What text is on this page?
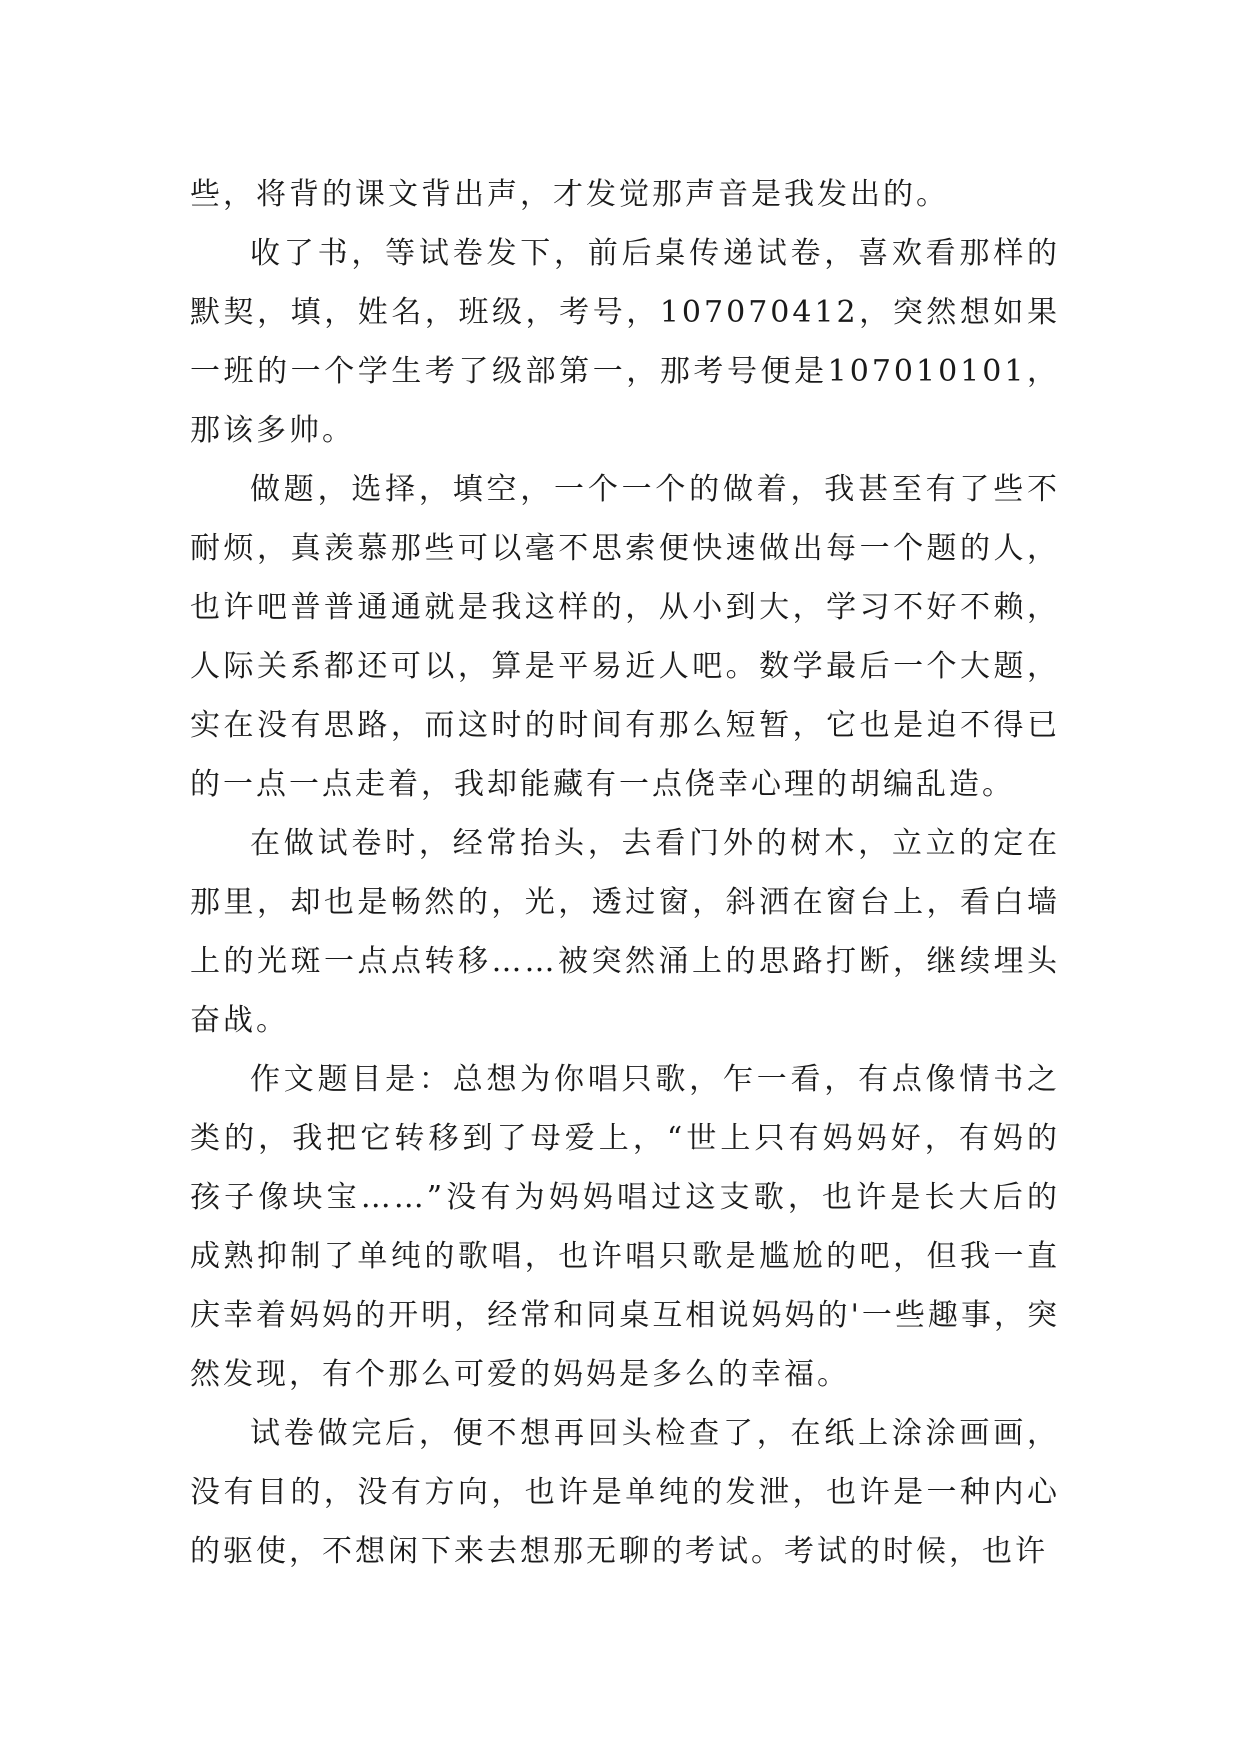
些，将背的课文背出声，才发觉那声音是我发出的。

收了书，等试卷发下，前后桌传递试卷，喜欢看那样的默契，填，姓名，班级，考号，107070412，突然想如果一班的一个学生考了级部第一，那考号便是107010101，那该多帅。

做题，选择，填空，一个一个的做着，我甚至有了些不耐烦，真羡慕那些可以毫不思索便快速做出每一个题的人，也许吧普普通通就是我这样的，从小到大，学习不好不赖，人际关系都还可以，算是平易近人吧。数学最后一个大题，实在没有思路，而这时的时间有那么短暂，它也是迫不得已的一点一点走着，我却能藏有一点侥幸心理的胡编乱造。

在做试卷时，经常抬头，去看门外的树木，立立的定在那里，却也是畅然的，光，透过窗，斜洒在窗台上，看白墙上的光斑一点点转移……被突然涌上的思路打断，继续埋头奋战。

作文题目是：总想为你唱只歌，乍一看，有点像情书之类的，我把它转移到了母爱上，“世上只有妈妈好，有妈的孩子像块宝……”没有为妈妈唱过这支歌，也许是长大后的成熟抑制了单纯的歌唱，也许唱只歌是尴尬的吧，但我一直庆幸着妈妈的开明，经常和同桌互相说妈妈的'一些趣事，突然发现，有个那么可爱的妈妈是多么的幸福。

试卷做完后，便不想再回头检查了，在纸上涂涂画画，没有目的，没有方向，也许是单纯的发泄，也许是一种内心的驱使，不想闲下来去想那无聊的考试。考试的时候，也许
